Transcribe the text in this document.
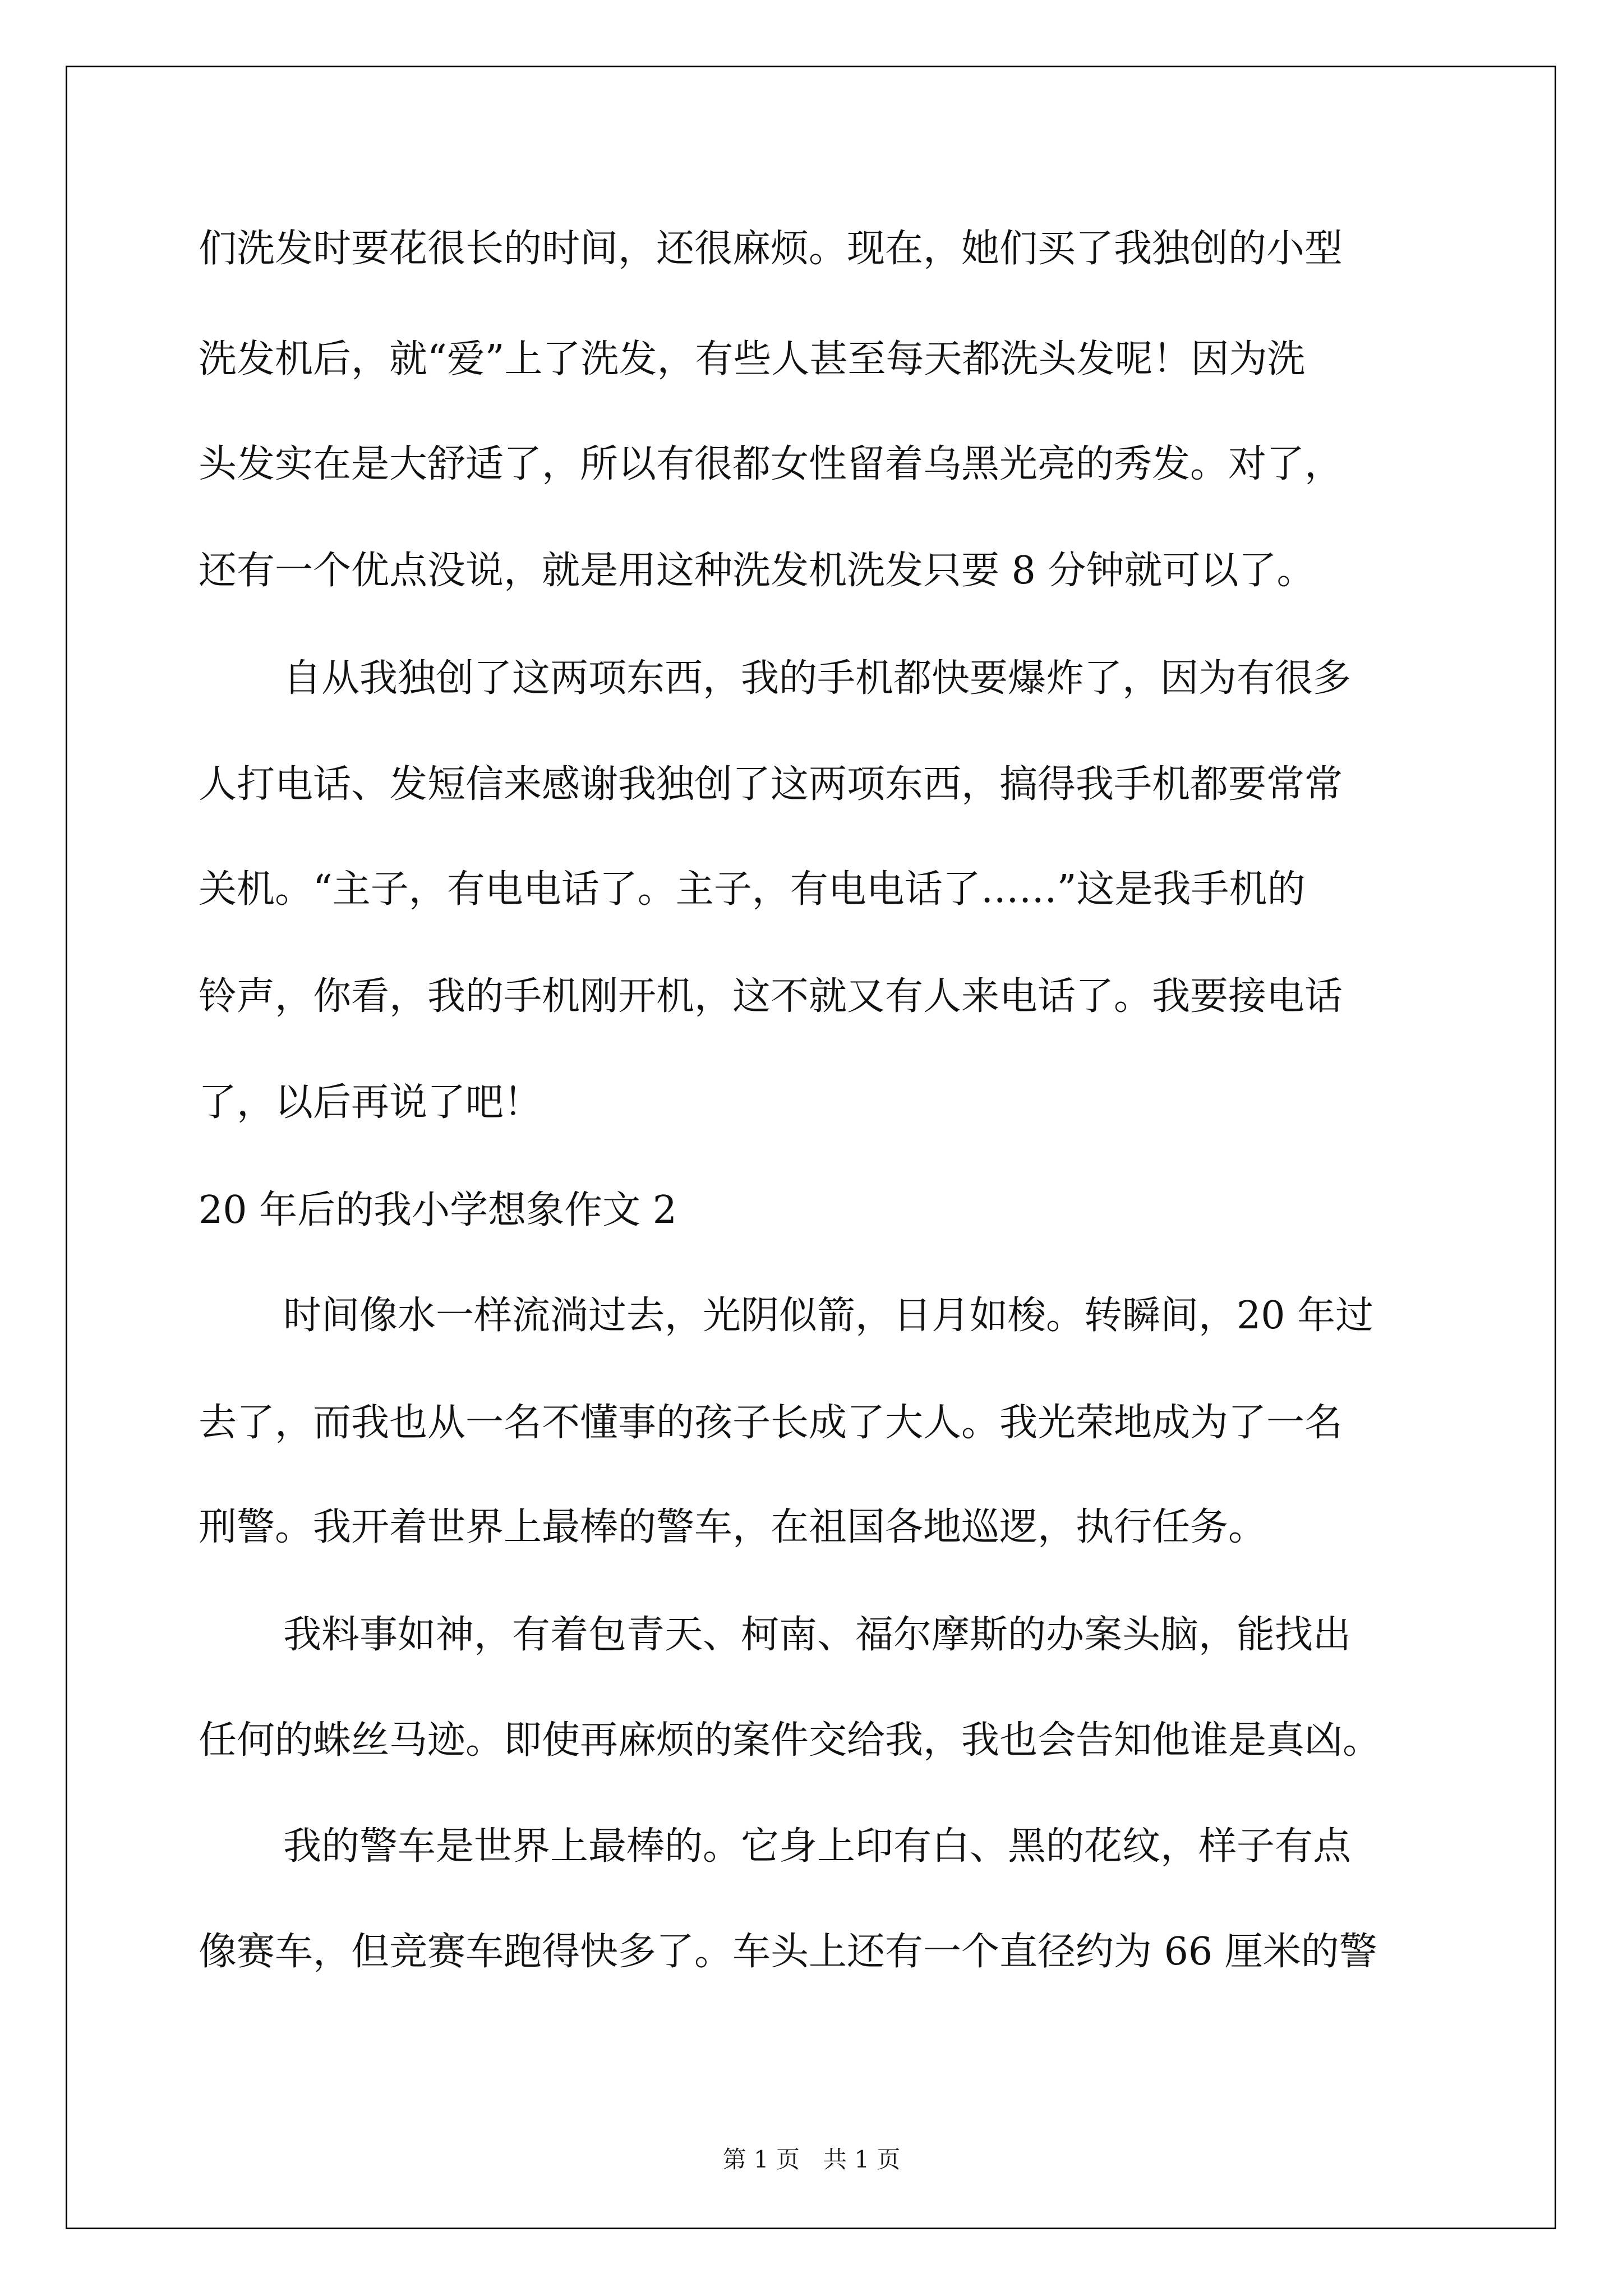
们洗发时要花很长的时间，还很麻烦。现在，她们买了我独创的小型

洗发机后，就“爱”上了洗发，有些人甚至每天都洗头发呢！因为洗

头发实在是大舒适了，所以有很都女性留着乌黑光亮的秀发。对了，

还有一个优点没说，就是用这种洗发机洗发只要 8 分钟就可以了。

自从我独创了这两项东西，我的手机都快要爆炸了，因为有很多

人打电话、发短信来感谢我独创了这两项东西，搞得我手机都要常常

关机。“主子，有电电话了。主子，有电电话了……”这是我手机的

铃声，你看，我的手机刚开机，这不就又有人来电话了。我要接电话

了，以后再说了吧！

20 年后的我小学想象作文 2

时间像水一样流淌过去，光阴似箭，日月如梭。转瞬间，20 年过

去了，而我也从一名不懂事的孩子长成了大人。我光荣地成为了一名

刑警。我开着世界上最棒的警车，在祖国各地巡逻，执行任务。

我料事如神，有着包青天、柯南、福尔摩斯的办案头脑，能找出

任何的蛛丝马迹。即使再麻烦的案件交给我，我也会告知他谁是真凶。

我的警车是世界上最棒的。它身上印有白、黑的花纹，样子有点

像赛车，但竞赛车跑得快多了。车头上还有一个直径约为 66 厘米的警

第 1 页　共 1 页
